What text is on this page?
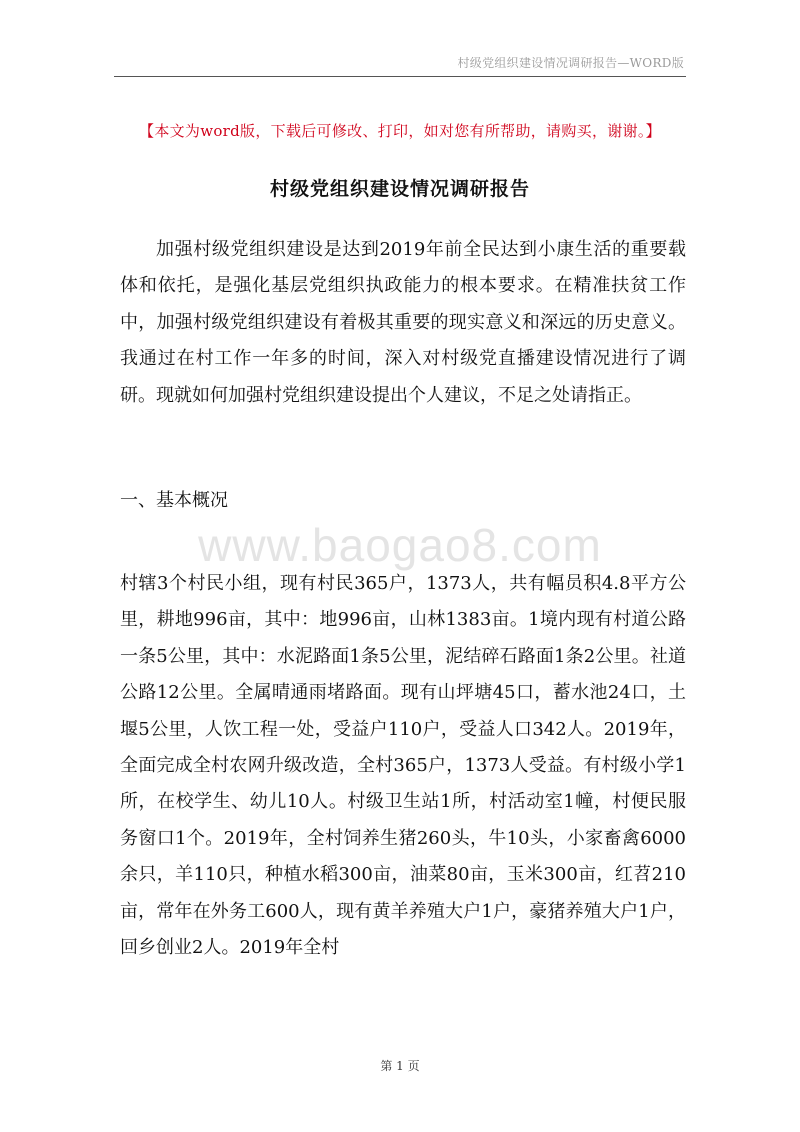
村级党组织建设情况调研报告—WORD版
【本文为word版，下载后可修改、打印，如对您有所帮助，请购买，谢谢。】
村级党组织建设情况调研报告

加强村级党组织建设是达到2019年前全民达到小康生活的重要载体和依托，是强化基层党组织执政能力的根本要求。在精准扶贫工作中，加强村级党组织建设有着极其重要的现实意义和深远的历史意义。我通过在村工作一年多的时间，深入对村级党直播建设情况进行了调研。现就如何加强村党组织建设提出个人建议，不足之处请指正。

一、基本概况
www.baogao8.com

村辖3个村民小组，现有村民365户，1373人，共有幅员积4.8平方公里，耕地996亩，其中：地996亩，山林1383亩。1境内现有村道公路一条5公里，其中：水泥路面1条5公里，泥结碎石路面1条2公里。社道公路12公里。全属晴通雨堵路面。现有山坪塘45口，蓄水池24口，土堰5公里，人饮工程一处，受益户110户，受益人口342人。2019年，全面完成全村农网升级改造，全村365户，1373人受益。有村级小学1所，在校学生、幼儿10人。村级卫生站1所，村活动室1幢，村便民服务窗口1个。2019年，全村饲养生猪260头，牛10头，小家畜禽6000余只，羊110只，种植水稻300亩，油菜80亩，玉米300亩，红苕210亩，常年在外务工600人，现有黄羊养殖大户1户，豪猪养殖大户1户，回乡创业2人。2019年全村

第 1 页
